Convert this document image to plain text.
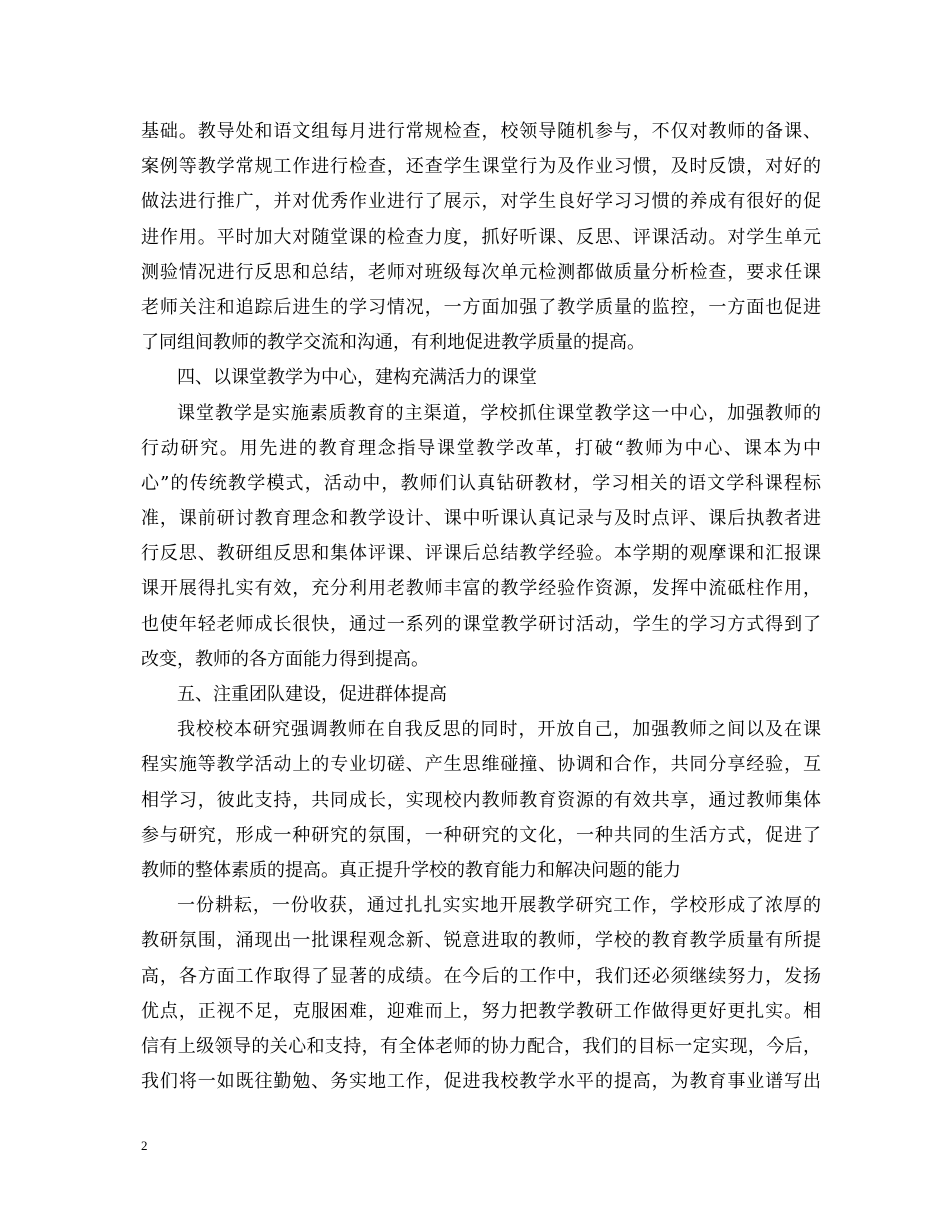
基础。教导处和语文组每月进行常规检查，校领导随机参与，不仅对教师的备课、
案例等教学常规工作进行检查，还查学生课堂行为及作业习惯，及时反馈，对好的
做法进行推广，并对优秀作业进行了展示，对学生良好学习习惯的养成有很好的促
进作用。平时加大对随堂课的检查力度，抓好听课、反思、评课活动。对学生单元
测验情况进行反思和总结，老师对班级每次单元检测都做质量分析检查，要求任课
老师关注和追踪后进生的学习情况，一方面加强了教学质量的监控，一方面也促进
了同组间教师的教学交流和沟通，有利地促进教学质量的提高。
四、以课堂教学为中心，建构充满活力的课堂
课堂教学是实施素质教育的主渠道，学校抓住课堂教学这一中心，加强教师的
行动研究。用先进的教育理念指导课堂教学改革，打破“教师为中心、课本为中
心”的传统教学模式，活动中，教师们认真钻研教材，学习相关的语文学科课程标
准，课前研讨教育理念和教学设计、课中听课认真记录与及时点评、课后执教者进
行反思、教研组反思和集体评课、评课后总结教学经验。本学期的观摩课和汇报课
课开展得扎实有效，充分利用老教师丰富的教学经验作资源，发挥中流砥柱作用，
也使年轻老师成长很快，通过一系列的课堂教学研讨活动，学生的学习方式得到了
改变，教师的各方面能力得到提高。
五、注重团队建设，促进群体提高
我校校本研究强调教师在自我反思的同时，开放自己，加强教师之间以及在课
程实施等教学活动上的专业切磋、产生思维碰撞、协调和合作，共同分享经验，互
相学习，彼此支持，共同成长，实现校内教师教育资源的有效共享，通过教师集体
参与研究，形成一种研究的氛围，一种研究的文化，一种共同的生活方式，促进了
教师的整体素质的提高。真正提升学校的教育能力和解决问题的能力
一份耕耘，一份收获，通过扎扎实实地开展教学研究工作，学校形成了浓厚的
教研氛围，涌现出一批课程观念新、锐意进取的教师，学校的教育教学质量有所提
高，各方面工作取得了显著的成绩。在今后的工作中，我们还必须继续努力，发扬
优点，正视不足，克服困难，迎难而上，努力把教学教研工作做得更好更扎实。相
信有上级领导的关心和支持，有全体老师的协力配合，我们的目标一定实现，今后，
我们将一如既往勤勉、务实地工作，促进我校教学水平的提高，为教育事业谱写出
2
